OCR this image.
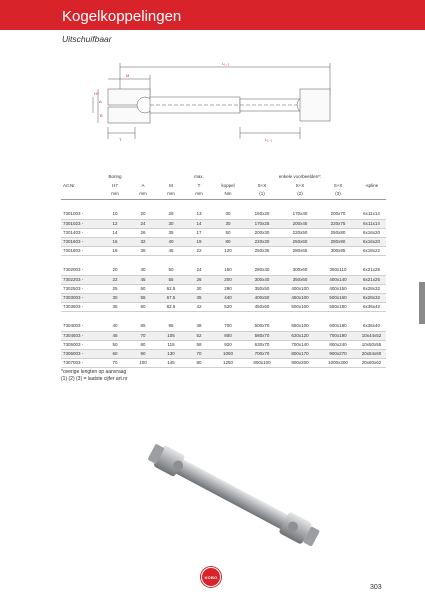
Kogelkoppelingen
Uitschuifbaar
L₁₋₂
M
A
H7
B
T	L₁₋₂
	Boring			max.		enkele voorbeelden*:			
Art.Nr.	H7	A	M	T	koppel	S+X	S+X	S+X	-spline
	mm	mm	mm	mm	Nm	(1)	(2)	(3)	

7301003 -	10	20	28	13	30	150x20	170x40	200x70	6x11x14
7301023 -	12	24	30	14	30	170x25	200x45	220x75	6x11x14
7301403 -	14	26	35	17	50	200x30	220x50	250x80	6x16x20
7301603 -	16	32	40	19	80	220x30	250x60	280x90	6x16x20
7301803 -	18	36	45	22	120	250x35	280x65	300x95	6x18x22

7302003 -	20	40	50	24	160	280x40	300x60	350x110	6x21x25
7302203 -	22	45	55	26	200	300x40	350x60	400x140	6x21x25
7302503 -	25	50	62.5	30	290	350x50	400x100	400x150	6x28x32
7303003 -	30	55	67.5	35	440	400x50	450x100	500x160	6x28x32
7303503 -	35	60	82.5	42	520	450x60	500x100	550x180	6x36x42

7304003 -	40	65	95	48	700	500x70	550x100	600x180	6x36x40
7304503 -	45	70	105	52	800	580x70	620x120	700x190	10x44x52
7305003 -	50	80	115	58	920	630x70	700x140	800x240	10x50x55
7306003 -	60	90	130	70	1050	700x70	800x170	900x270	20x54x60
7307003 -	70	100	145	80	1250	800x100	900x200	1000x300	20x60x62
*overige lengten op aanvraag
(1) (2) (3) = laatste cijfer art.nr
KOBO
303
